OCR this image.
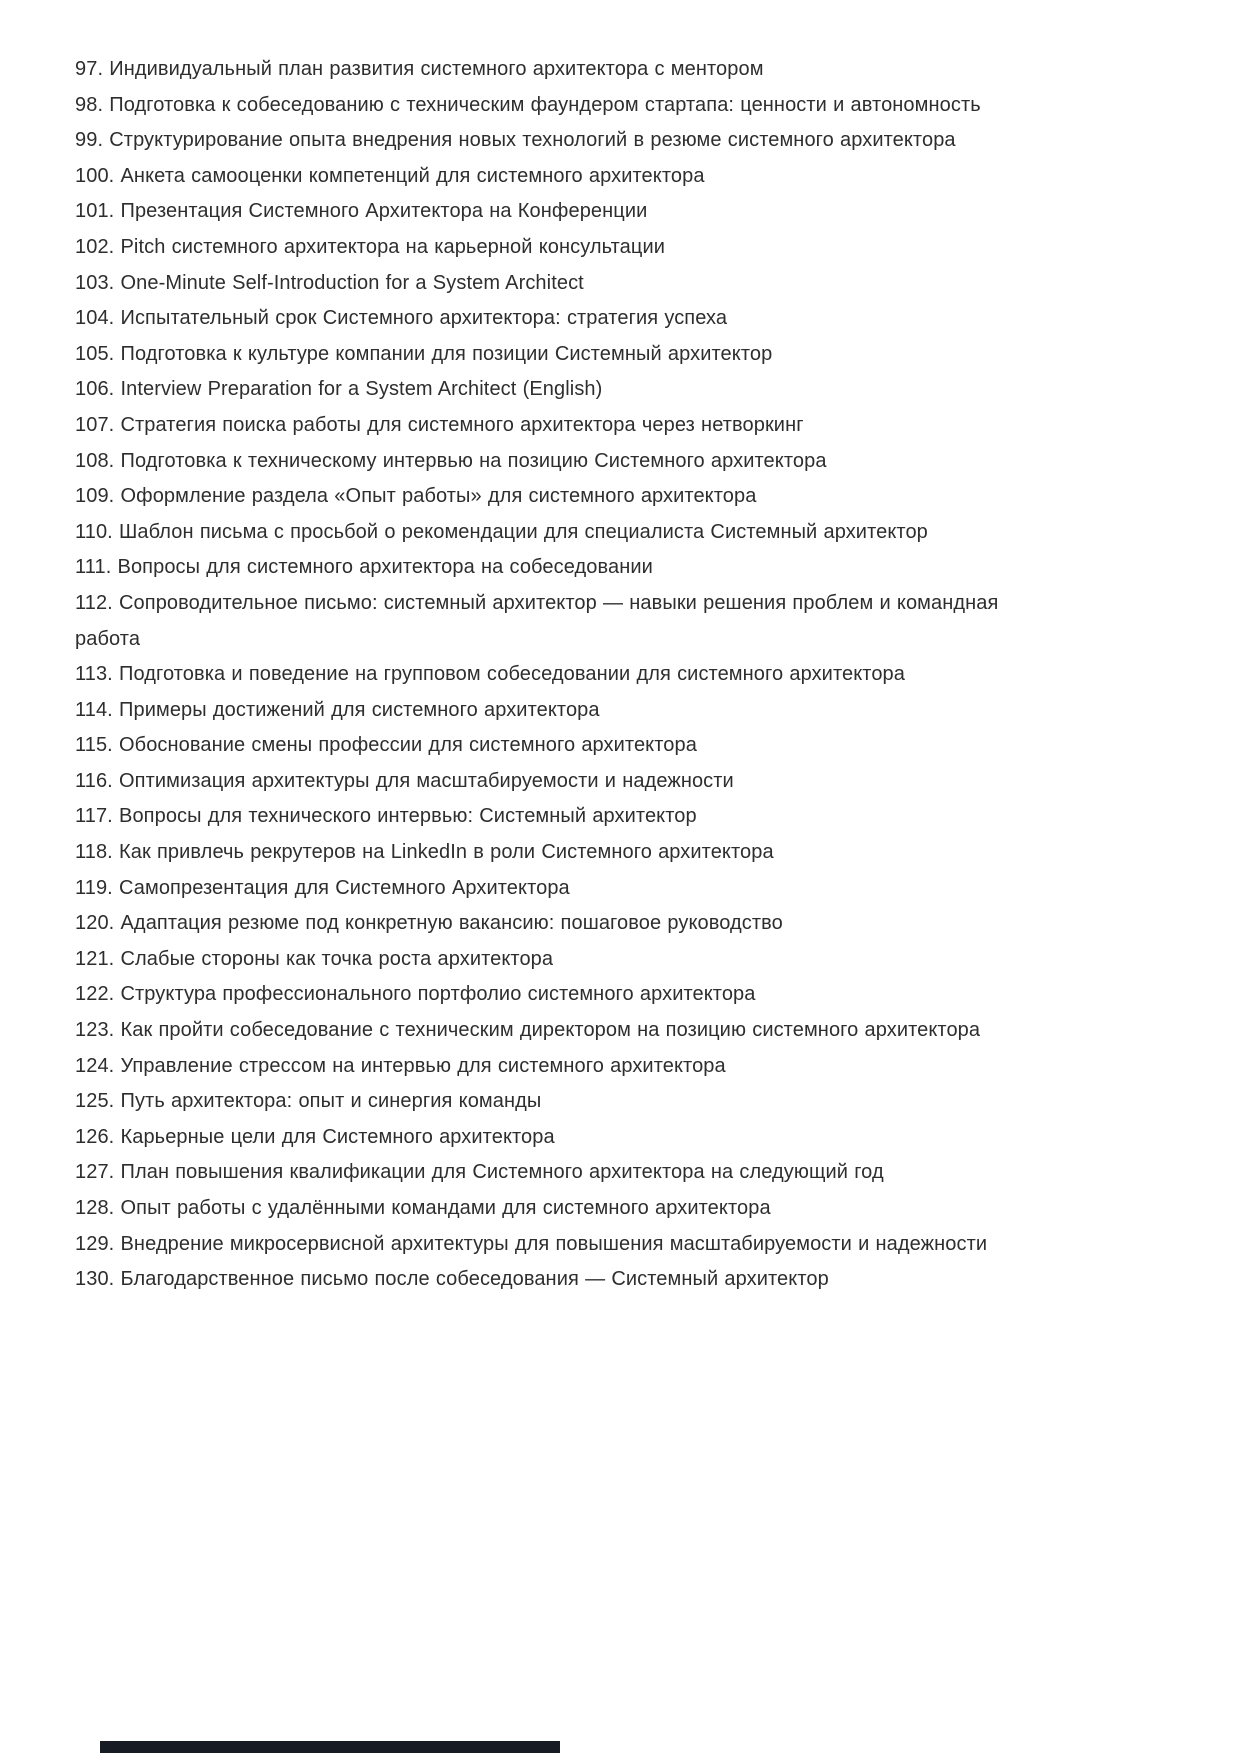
97. Индивидуальный план развития системного архитектора с ментором

98. Подготовка к собеседованию с техническим фаундером стартапа: ценности и автономность

99. Структурирование опыта внедрения новых технологий в резюме системного архитектора

100. Анкета самооценки компетенций для системного архитектора

101. Презентация Системного Архитектора на Конференции

102. Pitch системного архитектора на карьерной консультации

103. One-Minute Self-Introduction for a System Architect

104. Испытательный срок Системного архитектора: стратегия успеха

105. Подготовка к культуре компании для позиции Системный архитектор

106. Interview Preparation for a System Architect (English)

107. Стратегия поиска работы для системного архитектора через нетворкинг

108. Подготовка к техническому интервью на позицию Системного архитектора

109. Оформление раздела «Опыт работы» для системного архитектора

110. Шаблон письма с просьбой о рекомендации для специалиста Системный архитектор

111. Вопросы для системного архитектора на собеседовании

112. Сопроводительное письмо: системный архитектор — навыки решения проблем и командная работа

113. Подготовка и поведение на групповом собеседовании для системного архитектора

114. Примеры достижений для системного архитектора

115. Обоснование смены профессии для системного архитектора

116. Оптимизация архитектуры для масштабируемости и надежности

117. Вопросы для технического интервью: Системный архитектор

118. Как привлечь рекрутеров на LinkedIn в роли Системного архитектора

119. Самопрезентация для Системного Архитектора

120. Адаптация резюме под конкретную вакансию: пошаговое руководство

121. Слабые стороны как точка роста архитектора

122. Структура профессионального портфолио системного архитектора

123. Как пройти собеседование с техническим директором на позицию системного архитектора

124. Управление стрессом на интервью для системного архитектора

125. Путь архитектора: опыт и синергия команды

126. Карьерные цели для Системного архитектора

127. План повышения квалификации для Системного архитектора на следующий год

128. Опыт работы с удалёнными командами для системного архитектора

129. Внедрение микросервисной архитектуры для повышения масштабируемости и надежности

130. Благодарственное письмо после собеседования — Системный архитектор
